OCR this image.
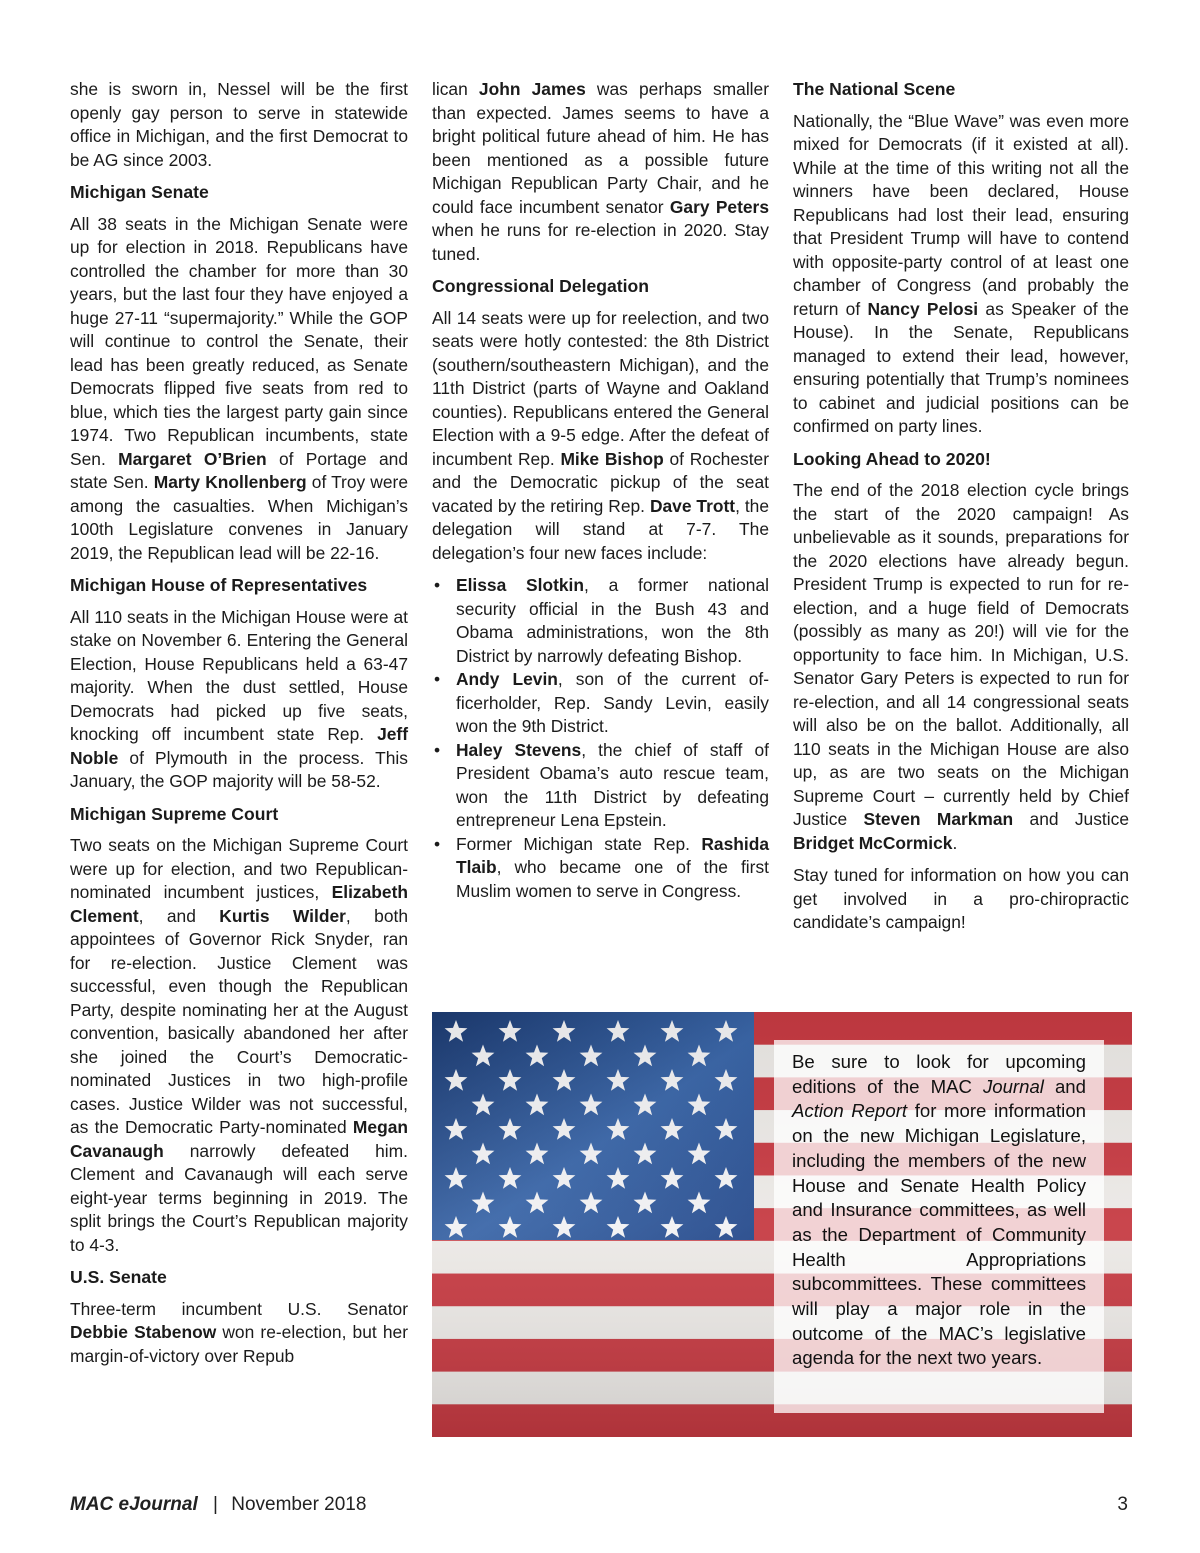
she is sworn in, Nessel will be the first openly gay person to serve in statewide office in Michigan, and the first Democrat to be AG since 2003.

Michigan Senate

All 38 seats in the Michigan Senate were up for election in 2018. Republicans have controlled the chamber for more than 30 years, but the last four they have enjoyed a huge 27-11 “supermajority.” While the GOP will continue to control the Senate, their lead has been greatly reduced, as Senate Democrats flipped five seats from red to blue, which ties the largest party gain since 1974. Two Republican incumbents, state Sen. Margaret O’Brien of Portage and state Sen. Marty Knollenberg of Troy were among the casualties. When Michigan’s 100th Legislature convenes in January 2019, the Republican lead will be 22-16.

Michigan House of Representatives

All 110 seats in the Michigan House were at stake on November 6. Entering the General Election, House Republicans held a 63-47 majority. When the dust settled, House Democrats had picked up five seats, knocking off incumbent state Rep. Jeff Noble of Plymouth in the process. This January, the GOP majority will be 58-52.

Michigan Supreme Court

Two seats on the Michigan Supreme Court were up for election, and two Republican-nominated incumbent justices, Elizabeth Clement, and Kurtis Wilder, both appointees of Governor Rick Snyder, ran for re-election. Justice Clement was successful, even though the Republican Party, despite nominating her at the August convention, basically abandoned her after she joined the Court’s Democratic-nominated Justices in two high-profile cases. Justice Wilder was not successful, as the Democratic Party-nominated Megan Cavanaugh narrowly defeated him. Clement and Cavanaugh will each serve eight-year terms beginning in 2019. The split brings the Court’s Republican majority to 4-3.

U.S. Senate

Three-term incumbent U.S. Senator Debbie Stabenow won re-election, but her margin-of-victory over Repub

lican John James was perhaps smaller than expected. James seems to have a bright political future ahead of him. He has been mentioned as a possible future Michigan Republican Party Chair, and he could face incumbent senator Gary Peters when he runs for re-election in 2020. Stay tuned.

Congressional Delegation

All 14 seats were up for reelection, and two seats were hotly contested: the 8th District (southern/southeastern Michigan), and the 11th District (parts of Wayne and Oakland counties). Republicans entered the General Election with a 9-5 edge. After the defeat of incumbent Rep. Mike Bishop of Rochester and the Democratic pickup of the seat vacated by the retiring Rep. Dave Trott, the delegation will stand at 7-7. The delegation’s four new faces include:

• Elissa Slotkin, a former national security official in the Bush 43 and Obama administrations, won the 8th District by narrowly defeating Bishop.
• Andy Levin, son of the current officerholder, Rep. Sandy Levin, easily won the 9th District.
• Haley Stevens, the chief of staff of President Obama’s auto rescue team, won the 11th District by defeating entrepreneur Lena Epstein.
• Former Michigan state Rep. Rashida Tlaib, who became one of the first Muslim women to serve in Congress.
The National Scene

Nationally, the “Blue Wave” was even more mixed for Democrats (if it existed at all). While at the time of this writing not all the winners have been declared, House Republicans had lost their lead, ensuring that President Trump will have to contend with opposite-party control of at least one chamber of Congress (and probably the return of Nancy Pelosi as Speaker of the House). In the Senate, Republicans managed to extend their lead, however, ensuring potentially that Trump’s nominees to cabinet and judicial positions can be confirmed on party lines.

Looking Ahead to 2020!

The end of the 2018 election cycle brings the start of the 2020 campaign! As unbelievable as it sounds, preparations for the 2020 elections have already begun. President Trump is expected to run for re-election, and a huge field of Democrats (possibly as many as 20!) will vie for the opportunity to face him. In Michigan, U.S. Senator Gary Peters is expected to run for re-election, and all 14 congressional seats will also be on the ballot. Additionally, all 110 seats in the Michigan House are also up, as are two seats on the Michigan Supreme Court – currently held by Chief Justice Steven Markman and Justice Bridget McCormick.

Stay tuned for information on how you can get involved in a pro-chiropractic candidate’s campaign!

Be sure to look for upcoming editions of the MAC Journal and Action Report for more information on the new Michigan Legislature, including the members of the new House and Senate Health Policy and Insurance committees, as well as the Department of Community Health Appropriations subcommittees. These committees will play a major role in the outcome of the MAC’s legislative agenda for the next two years.
MAC eJournal | November 2018	3
